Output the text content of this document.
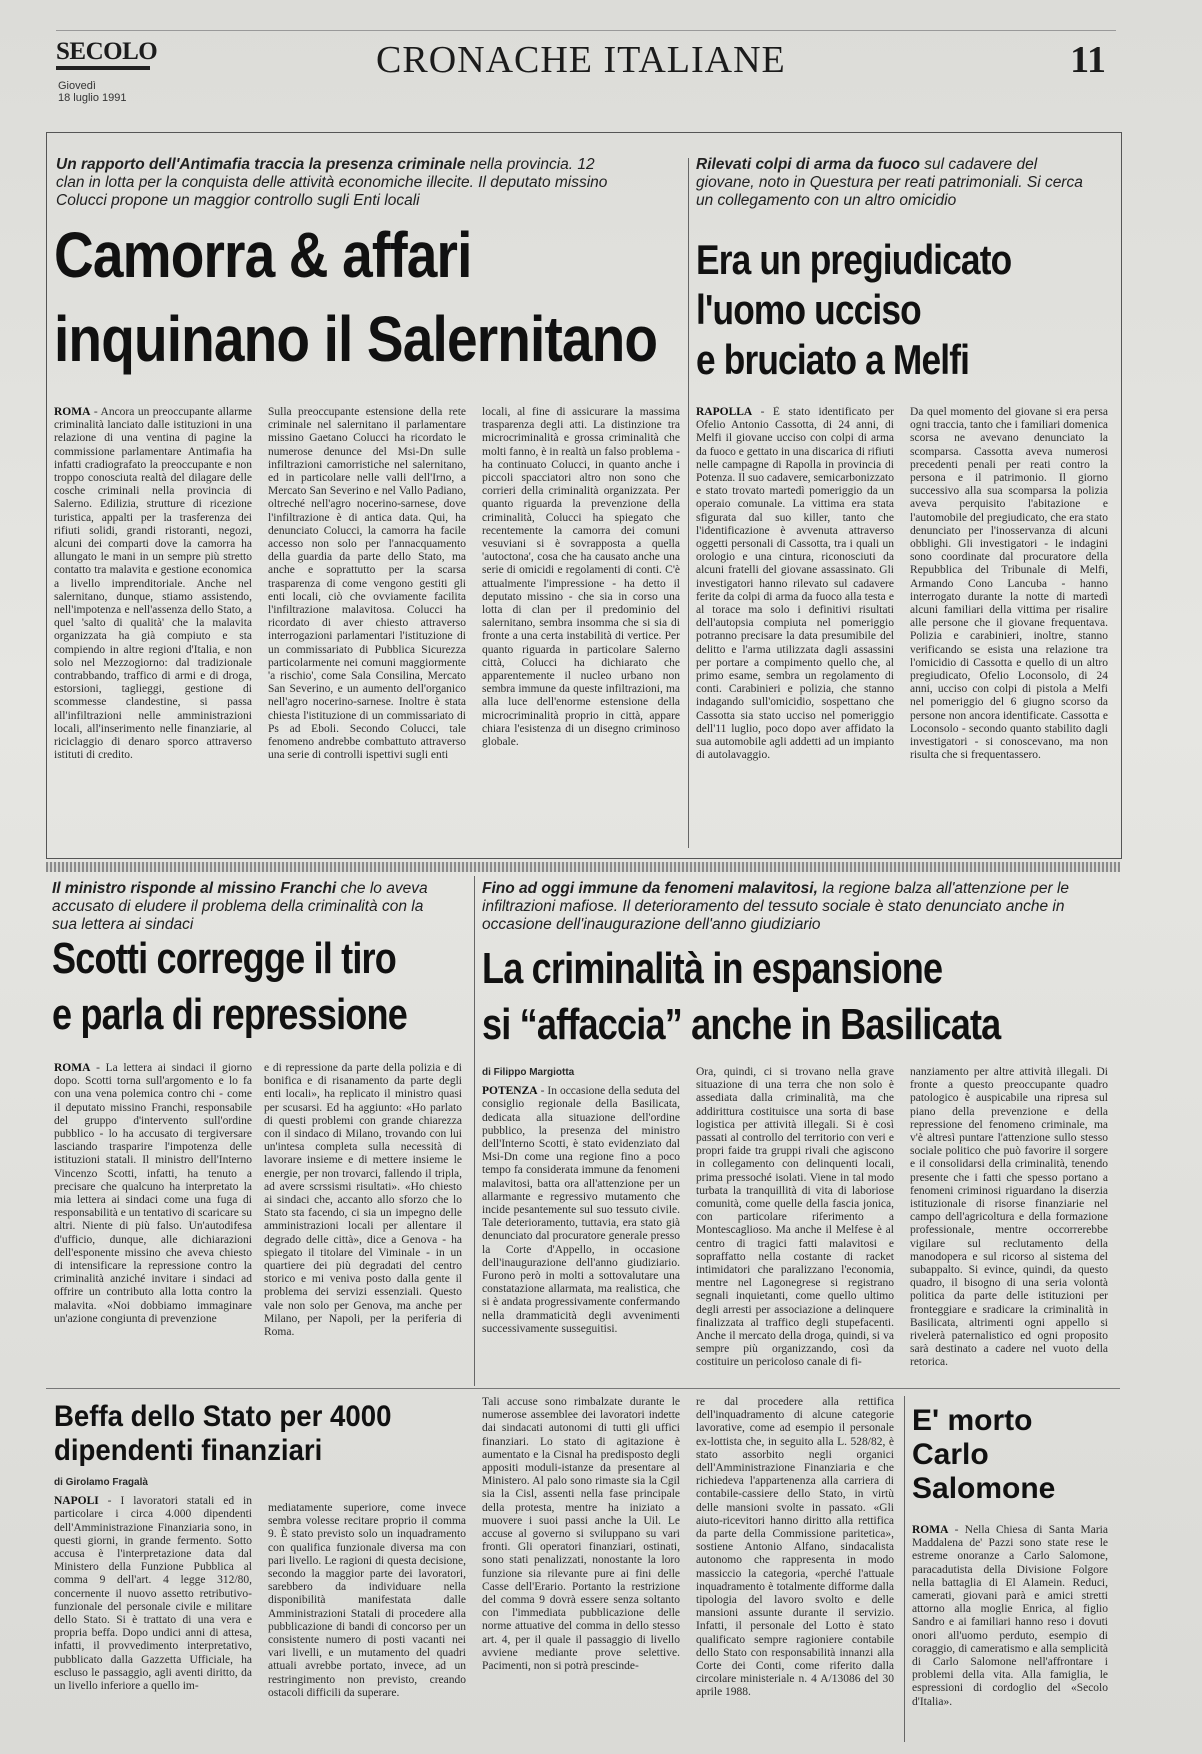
SECOLO
Giovedì
18 luglio 1991
CRONACHE ITALIANE	11
Un rapporto dell'Antimafia traccia la presenza criminale nella provincia. 12 clan in lotta per la conquista delle attività economiche illecite. Il deputato missino Colucci propone un maggior controllo sugli Enti locali
Camorra & affari
inquinano il Salernitano
ROMA - Ancora un preoccupante allarme criminalità lanciato dalle istituzioni in una relazione di una ventina di pagine la commissione parlamentare Antimafia ha infatti cradiografato la preoccupante e non troppo conosciuta realtà del dilagare delle cosche criminali nella provincia di Salerno. Edilizia, strutture di ricezione turistica, appalti per la trasferenza dei rifiuti solidi, grandi ristoranti, negozi, alcuni dei comparti dove la camorra ha allungato le mani in un sempre più stretto contatto tra malavita e gestione economica a livello imprenditoriale. Anche nel salernitano, dunque, stiamo assistendo, nell'impotenza e nell'assenza dello Stato, a quel 'salto di qualità' che la malavita organizzata ha già compiuto e sta compiendo in altre regioni d'Italia, e non solo nel Mezzogiorno: dal tradizionale contrabbando, traffico di armi e di droga, estorsioni, taglieggi, gestione di scommesse clandestine, si passa all'infiltrazioni nelle amministrazioni locali, all'inserimento nelle finanziarie, al riciclaggio di denaro sporco attraverso istituti di credito.
Sulla preoccupante estensione della rete criminale nel salernitano il parlamentare missino Gaetano Colucci ha ricordato le numerose denunce del Msi-Dn sulle infiltrazioni camorristiche nel salernitano, ed in particolare nelle valli dell'Irno, a Mercato San Severino e nel Vallo Padiano, oltreché nell'agro nocerino-sarnese, dove l'infiltrazione è di antica data. Qui, ha denunciato Colucci, la camorra ha facile accesso non solo per l'annacquamento della guardia da parte dello Stato, ma anche e soprattutto per la scarsa trasparenza di come vengono gestiti gli enti locali, ciò che ovviamente facilita l'infiltrazione malavitosa. Colucci ha ricordato di aver chiesto attraverso interrogazioni parlamentari l'istituzione di un commissariato di Pubblica Sicurezza particolarmente nei comuni maggiormente 'a rischio', come Sala Consilina, Mercato San Severino, e un aumento dell'organico nell'agro nocerino-sarnese. Inoltre è stata chiesta l'istituzione di un commissariato di Ps ad Eboli. Secondo Colucci, tale fenomeno andrebbe combattuto attraverso una serie di controlli ispettivi sugli enti
locali, al fine di assicurare la massima trasparenza degli atti. La distinzione tra microcriminalità e grossa criminalità che molti fanno, è in realtà un falso problema - ha continuato Colucci, in quanto anche i piccoli spacciatori altro non sono che corrieri della criminalità organizzata. Per quanto riguarda la prevenzione della criminalità, Colucci ha spiegato che recentemente la camorra dei comuni vesuviani si è sovrapposta a quella 'autoctona', cosa che ha causato anche una serie di omicidi e regolamenti di conti. C'è attualmente l'impressione - ha detto il deputato missino - che sia in corso una lotta di clan per il predominio del salernitano, sembra insomma che si sia di fronte a una certa instabilità di vertice. Per quanto riguarda in particolare Salerno città, Colucci ha dichiarato che apparentemente il nucleo urbano non sembra immune da queste infiltrazioni, ma alla luce dell'enorme estensione della microcriminalità proprio in città, appare chiara l'esistenza di un disegno criminoso globale.
Rilevati colpi di arma da fuoco sul cadavere del giovane, noto in Questura per reati patrimoniali. Si cerca un collegamento con un altro omicidio
Era un pregiudicato
l'uomo ucciso
e bruciato a Melfi
RAPOLLA - È stato identificato per Ofelio Antonio Cassotta, di 24 anni, di Melfi il giovane ucciso con colpi di arma da fuoco e gettato in una discarica di rifiuti nelle campagne di Rapolla in provincia di Potenza. Il suo cadavere, semicarbonizzato e stato trovato martedì pomeriggio da un operaio comunale. La vittima era stata sfigurata dal suo killer, tanto che l'identificazione è avvenuta attraverso oggetti personali di Cassotta, tra i quali un orologio e una cintura, riconosciuti da alcuni fratelli del giovane assassinato. Gli investigatori hanno rilevato sul cadavere ferite da colpi di arma da fuoco alla testa e al torace ma solo i definitivi risultati dell'autopsia compiuta nel pomeriggio potranno precisare la data presumibile del delitto e l'arma utilizzata dagli assassini per portare a compimento quello che, al primo esame, sembra un regolamento di conti. Carabinieri e polizia, che stanno indagando sull'omicidio, sospettano che Cassotta sia stato ucciso nel pomeriggio dell'11 luglio, poco dopo aver affidato la sua automobile agli addetti ad un impianto di autolavaggio.
Da quel momento del giovane si era persa ogni traccia, tanto che i familiari domenica scorsa ne avevano denunciato la scomparsa. Cassotta aveva numerosi precedenti penali per reati contro la persona e il patrimonio. Il giorno successivo alla sua scomparsa la polizia aveva perquisito l'abitazione e l'automobile del pregiudicato, che era stato denunciato per l'inosservanza di alcuni obblighi. Gli investigatori - le indagini sono coordinate dal procuratore della Repubblica del Tribunale di Melfi, Armando Cono Lancuba - hanno interrogato durante la notte di martedì alcuni familiari della vittima per risalire alle persone che il giovane frequentava. Polizia e carabinieri, inoltre, stanno verificando se esista una relazione tra l'omicidio di Cassotta e quello di un altro pregiudicato, Ofelio Loconsolo, di 24 anni, ucciso con colpi di pistola a Melfi nel pomeriggio del 6 giugno scorso da persone non ancora identificate. Cassotta e Loconsolo - secondo quanto stabilito dagli investigatori - si conoscevano, ma non risulta che si frequentassero.
Il ministro risponde al missino Franchi che lo aveva accusato di eludere il problema della criminalità con la sua lettera ai sindaci
Scotti corregge il tiro
e parla di repressione
ROMA - La lettera ai sindaci il giorno dopo. Scotti torna sull'argomento e lo fa con una vena polemica contro chi - come il deputato missino Franchi, responsabile del gruppo d'intervento sull'ordine pubblico - lo ha accusato di tergiversare lasciando trasparire l'impotenza delle istituzioni statali. Il ministro dell'Interno Vincenzo Scotti, infatti, ha tenuto a precisare che qualcuno ha interpretato la mia lettera ai sindaci come una fuga di responsabilità e un tentativo di scaricare su altri. Niente di più falso. Un'autodifesa d'ufficio, dunque, alle dichiarazioni dell'esponente missino che aveva chiesto di intensificare la repressione contro la criminalità anziché invitare i sindaci ad offrire un contributo alla lotta contro la malavita. «Noi dobbiamo immaginare un'azione congiunta di prevenzione
e di repressione da parte della polizia e di bonifica e di risanamento da parte degli enti locali», ha replicato il ministro quasi per scusarsi. Ed ha aggiunto: «Ho parlato di questi problemi con grande chiarezza con il sindaco di Milano, trovando con lui un'intesa completa sulla necessità di lavorare insieme e di mettere insieme le energie, per non trovarci, fallendo il tripla, ad avere scrssismi risultati». «Ho chiesto ai sindaci che, accanto allo sforzo che lo Stato sta facendo, ci sia un impegno delle amministrazioni locali per allentare il degrado delle città», dice a Genova - ha spiegato il titolare del Viminale - in un quartiere dei più degradati del centro storico e mi veniva posto dalla gente il problema dei servizi essenziali. Questo vale non solo per Genova, ma anche per Milano, per Napoli, per la periferia di Roma.
Fino ad oggi immune da fenomeni malavitosi, la regione balza all'attenzione per le infiltrazioni mafiose. Il deterioramento del tessuto sociale è stato denunciato anche in occasione dell'inaugurazione dell'anno giudiziario
La criminalità in espansione
si “affaccia” anche in Basilicata
di Filippo Margiotta
POTENZA - In occasione della seduta del consiglio regionale della Basilicata, dedicata alla situazione dell'ordine pubblico, la presenza del ministro dell'Interno Scotti, è stato evidenziato dal Msi-Dn come una regione fino a poco tempo fa considerata immune da fenomeni malavitosi, batta ora all'attenzione per un allarmante e regressivo mutamento che incide pesantemente sul suo tessuto civile. Tale deterioramento, tuttavia, era stato già denunciato dal procuratore generale presso la Corte d'Appello, in occasione dell'inaugurazione dell'anno giudiziario. Furono però in molti a sottovalutare una constatazione allarmata, ma realistica, che si è andata progressivamente confermando nella drammaticità degli avvenimenti successivamente susseguitisi.
Ora, quindi, ci si trovano nella grave situazione di una terra che non solo è assediata dalla criminalità, ma che addirittura costituisce una sorta di base logistica per attività illegali. Si è così passati al controllo del territorio con veri e propri faide tra gruppi rivali che agiscono in collegamento con delinquenti locali, prima pressoché isolati. Viene in tal modo turbata la tranquillità di vita di laboriose comunità, come quelle della fascia jonica, con particolare riferimento a Montescaglioso. Ma anche il Melfese è al centro di tragici fatti malavitosi e sopraffatto nella costante di racket intimidatori che paralizzano l'economia, mentre nel Lagonegrese si registrano segnali inquietanti, come quello ultimo degli arresti per associazione a delinquere finalizzata al traffico degli stupefacenti. Anche il mercato della droga, quindi, si va sempre più organizzando, così da costituire un pericoloso canale di fi-
nanziamento per altre attività illegali. Di fronte a questo preoccupante quadro patologico è auspicabile una ripresa sul piano della prevenzione e della repressione del fenomeno criminale, ma v'è altresì puntare l'attenzione sullo stesso sociale politico che può favorire il sorgere e il consolidarsi della criminalità, tenendo presente che i fatti che spesso portano a fenomeni criminosi riguardano la diserzia istituzionale di risorse finanziarie nel campo dell'agricoltura e della formazione professionale, mentre occorrerebbe vigilare sul reclutamento della manodopera e sul ricorso al sistema del subappalto. Si evince, quindi, da questo quadro, il bisogno di una seria volontà politica da parte delle istituzioni per fronteggiare e sradicare la criminalità in Basilicata, altrimenti ogni appello si rivelerà paternalistico ed ogni proposito sarà destinato a cadere nel vuoto della retorica.
Beffa dello Stato per 4000
dipendenti finanziari
di Girolamo Fragalà
NAPOLI - I lavoratori statali ed in particolare i circa 4.000 dipendenti dell'Amministrazione Finanziaria sono, in questi giorni, in grande fermento. Sotto accusa è l'interpretazione data dal Ministero della Funzione Pubblica al comma 9 dell'art. 4 legge 312/80, concernente il nuovo assetto retributivo-funzionale del personale civile e militare dello Stato. Si è trattato di una vera e propria beffa. Dopo undici anni di attesa, infatti, il provvedimento interpretativo, pubblicato dalla Gazzetta Ufficiale, ha escluso le passaggio, agli aventi diritto, da un livello inferiore a quello im-
mediatamente superiore, come invece sembra volesse recitare proprio il comma 9. È stato previsto solo un inquadramento con qualifica funzionale diversa ma con pari livello. Le ragioni di questa decisione, secondo la maggior parte dei lavoratori, sarebbero da individuare nella disponibilità manifestata dalle Amministrazioni Statali di procedere alla pubblicazione di bandi di concorso per un consistente numero di posti vacanti nei vari livelli, e un mutamento del quadri attuali avrebbe portato, invece, ad un restringimento non previsto, creando ostacoli difficili da superare.
Tali accuse sono rimbalzate durante le numerose assemblee dei lavoratori indette dai sindacati autonomi di tutti gli uffici finanziari. Lo stato di agitazione è aumentato e la Cisnal ha predisposto degli appositi moduli-istanze da presentare al Ministero. Al palo sono rimaste sia la Cgil sia la Cisl, assenti nella fase principale della protesta, mentre ha iniziato a muovere i suoi passi anche la Uil. Le accuse al governo si sviluppano su vari fronti. Gli operatori finanziari, ostinati, sono stati penalizzati, nonostante la loro funzione sia rilevante pure ai fini delle Casse dell'Erario. Portanto la restrizione del comma 9 dovrà essere senza soltanto con l'immediata pubblicazione delle norme attuative del comma in dello stesso art. 4, per il quale il passaggio di livello avviene mediante prove selettive. Pacimenti, non si potrà prescinde-
re dal procedere alla rettifica dell'inquadramento di alcune categorie lavorative, come ad esempio il personale ex-lottista che, in seguito alla L. 528/82, è stato assorbito negli organici dell'Amministrazione Finanziaria e che richiedeva l'appartenenza alla carriera di contabile-cassiere dello Stato, in virtù delle mansioni svolte in passato. «Gli aiuto-ricevitori hanno diritto alla rettifica da parte della Commissione paritetica», sostiene Antonio Alfano, sindacalista autonomo che rappresenta in modo massiccio la categoria, «perché l'attuale inquadramento è totalmente difforme dalla tipologia del lavoro svolto e delle mansioni assunte durante il servizio. Infatti, il personale del Lotto è stato qualificato sempre ragioniere contabile dello Stato con responsabilità innanzi alla Corte dei Conti, come riferito dalla circolare ministeriale n. 4 A/13086 del 30 aprile 1988.
E' morto
Carlo
Salomone
ROMA - Nella Chiesa di Santa Maria Maddalena de' Pazzi sono state rese le estreme onoranze a Carlo Salomone, paracadutista della Divisione Folgore nella battaglia di El Alamein. Reduci, camerati, giovani parà e amici stretti attorno alla moglie Enrica, al figlio Sandro e ai familiari hanno reso i dovuti onori all'uomo perduto, esempio di coraggio, di cameratismo e alla semplicità di Carlo Salomone nell'affrontare i problemi della vita. Alla famiglia, le espressioni di cordoglio del «Secolo d'Italia».
